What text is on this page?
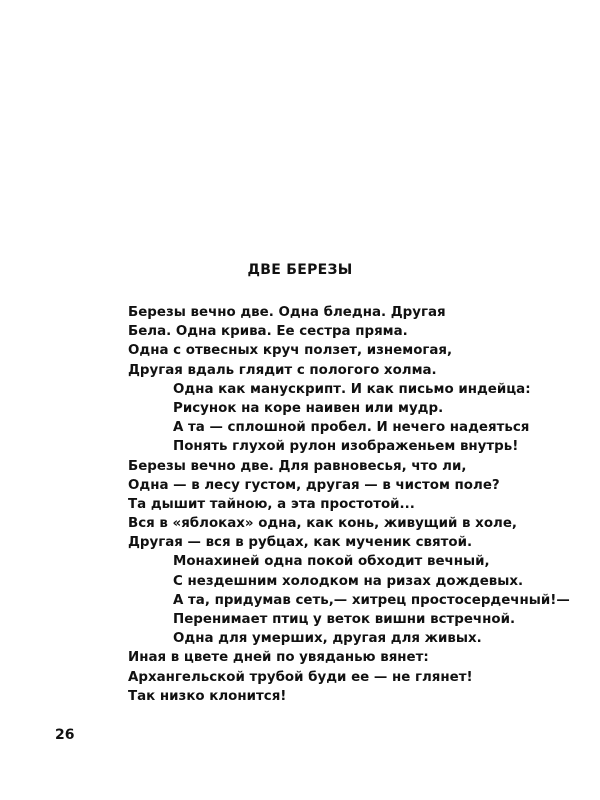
ДВЕ БЕРЕЗЫ
Березы вечно две. Одна бледна. Другая
Бела. Одна крива. Ее сестра пряма.
Одна с отвесных круч ползет, изнемогая,
Другая вдаль глядит с пологого холма.
Одна как манускрипт. И как письмо индейца:
Рисунок на коре наивен или мудр.
А та — сплошной пробел. И нечего надеяться
Понять глухой рулон изображеньем внутрь!
Березы вечно две. Для равновесья, что ли,
Одна — в лесу густом, другая — в чистом поле?
Та дышит тайною, а эта простотой...
Вся в «яблоках» одна, как конь, живущий в холе,
Другая — вся в рубцах, как мученик святой.
Монахиней одна покой обходит вечный,
С нездешним холодком на ризах дождевых.
А та, придумав сеть,— хитрец простосердечный!—
Перенимает птиц у веток вишни встречной.
Одна для умерших, другая для живых.
Иная в цвете дней по увяданью вянет:
Архангельской трубой буди ее — не глянет!
Так низко клонится!
26
